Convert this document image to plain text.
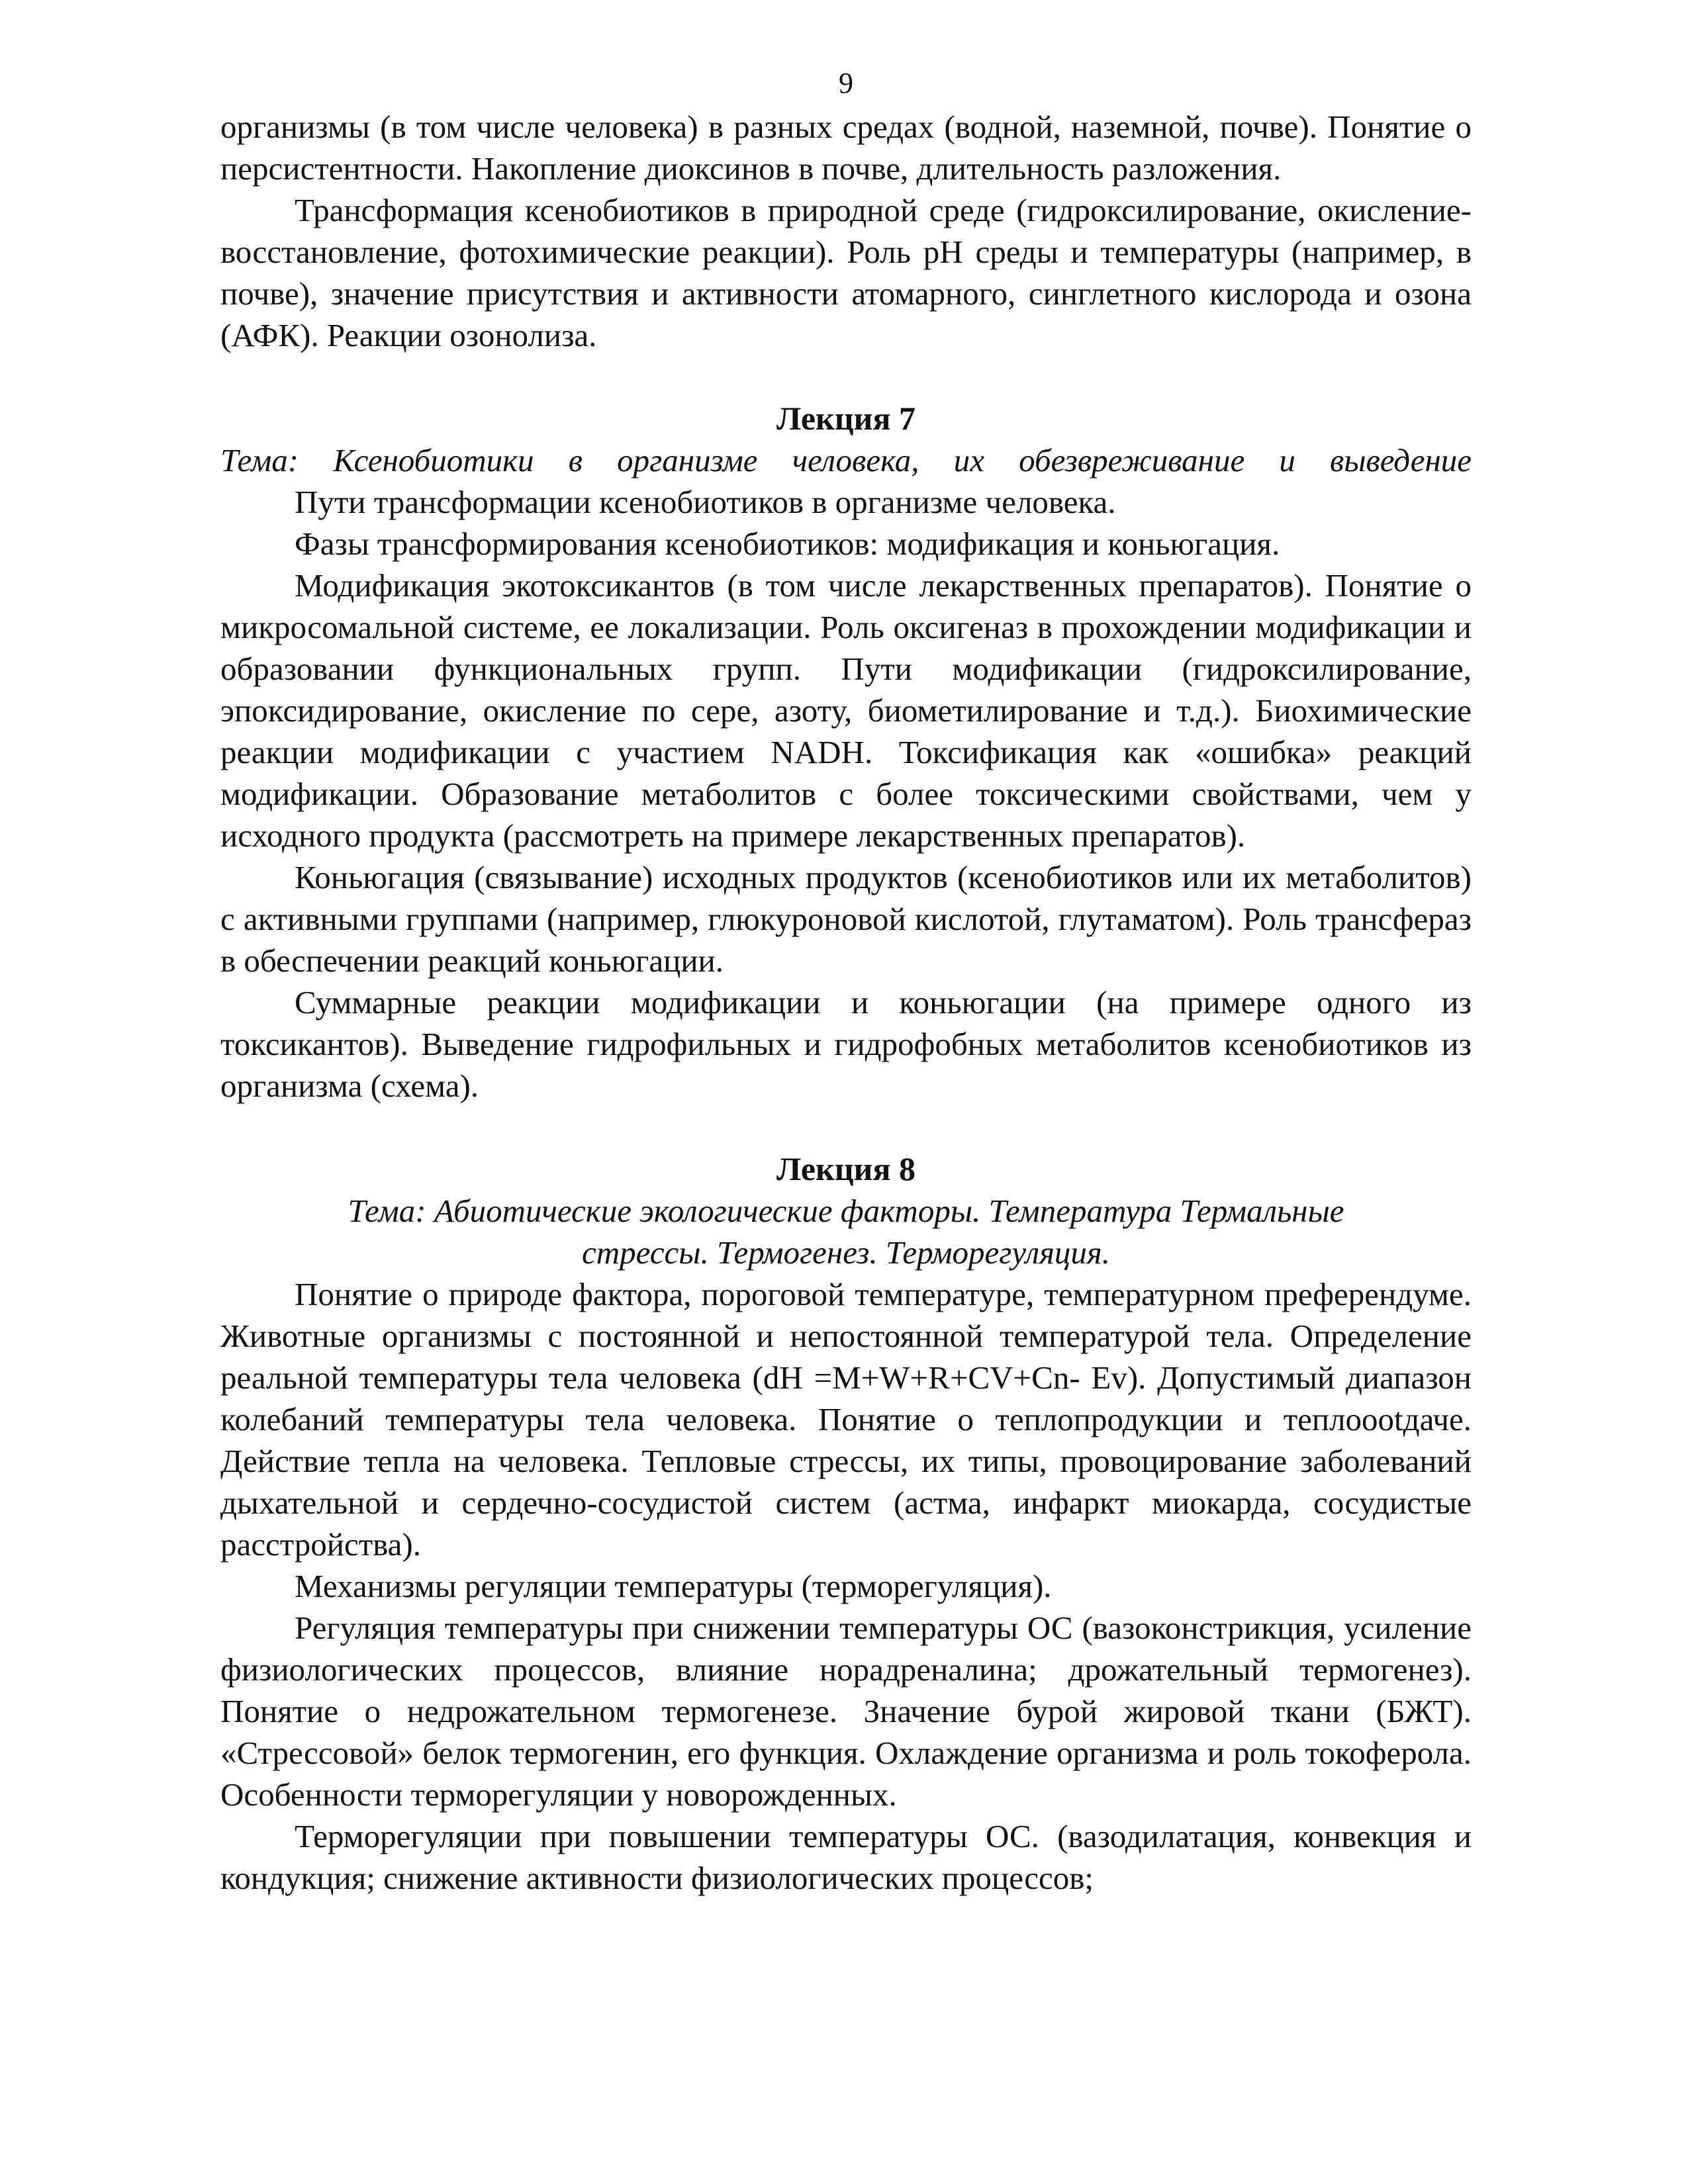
9

организмы (в том числе человека) в разных средах (водной, наземной, почве). Понятие о персистентности. Накопление диоксинов в почве, длительность разложения.

Трансформация ксенобиотиков в природной среде (гидроксилирование, окисление-восстановление, фотохимические реакции). Роль pH среды и температуры (например, в почве), значение присутствия и активности атомарного, синглетного кислорода и озона (АФК). Реакции озонолиза.

Лекция 7
Тема: Ксенобиотики в организме человека, их обезвреживание и выведение

Пути трансформации ксенобиотиков в организме человека.

Фазы трансформирования ксенобиотиков: модификация и коньюгация.

Модификация экотоксикантов (в том числе лекарственных препаратов). Понятие о микросомальной системе, ее локализации. Роль оксигеназ в прохождении модификации и образовании функциональных групп. Пути модификации (гидроксилирование, эпоксидирование, окисление по сере, азоту, биометилирование и т.д.). Биохимические реакции модификации с участием NADH. Токсификация как «ошибка» реакций модификации. Образование метаболитов с более токсическими свойствами, чем у исходного продукта (рассмотреть на примере лекарственных препаратов).

Коньюгация (связывание) исходных продуктов (ксенобиотиков или их метаболитов) с активными группами (например, глюкуроновой кислотой, глутаматом). Роль трансфераз в обеспечении реакций коньюгации.

Суммарные реакции модификации и коньюгации (на примере одного из токсикантов). Выведение гидрофильных и гидрофобных метаболитов ксенобиотиков из организма (схема).

Лекция 8
Тема: Абиотические экологические факторы. Температура Термальные
стрессы. Термогенез. Терморегуляция.

Понятие о природе фактора, пороговой температуре, температурном преферендуме. Животные организмы с постоянной и непостоянной температурой тела. Определение реальной температуры тела человека (dH =M+W+R+CV+Cn- Ev). Допустимый диапазон колебаний температуры тела человека. Понятие о теплопродукции и теплоootдаче. Действие тепла на человека. Тепловые стрессы, их типы, провоцирование заболеваний дыхательной и сердечно-сосудистой систем (астма, инфаркт миокарда, сосудистые расстройства).

Механизмы регуляции температуры (терморегуляция).

Регуляция температуры при снижении температуры ОС (вазоконстрикция, усиление физиологических процессов, влияние норадреналина; дрожательный термогенез). Понятие о недрожательном термогенезе. Значение бурой жировой ткани (БЖТ). «Стрессовой» белок термогенин, его функция. Охлаждение организма и роль токоферола. Особенности терморегуляции у новорожденных.

Терморегуляции при повышении температуры ОС. (вазодилатация, конвекция и кондукция; снижение активности физиологических процессов;
